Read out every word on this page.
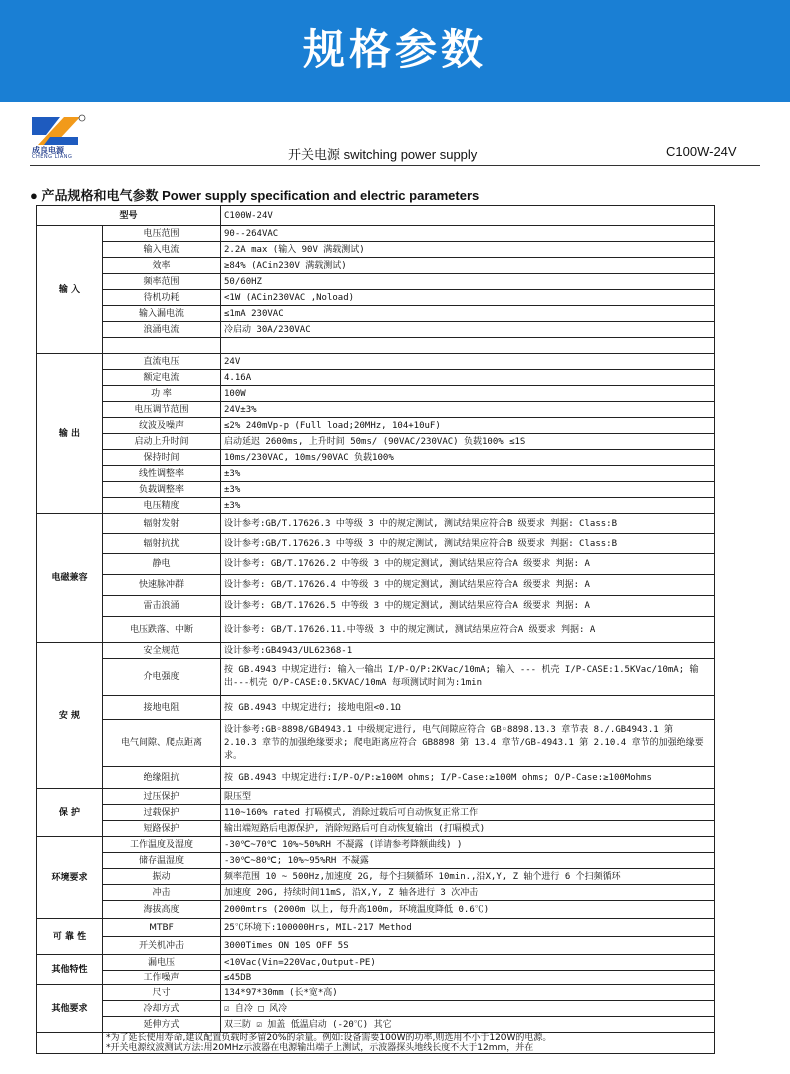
规格参数
成良电源
CHENG LIANG	开关电源 switching power supply	C100W-24V
● 产品规格和电气参数 Power supply specification and electric parameters
型号		C100W-24V
输 入	电压范围	90--264VAC
	输入电流	2.2A max (输入 90V 满载测试)
	效率	≥84% (ACin230V 满载测试)
	频率范围	50/60HZ
	待机功耗	<1W (ACin230VAC ,Noload)
	输入漏电流	≤1mA 230VAC
	浪涌电流	冷启动 30A/230VAC

输 出	直流电压	24V
	额定电流	4.16A
	功 率	100W
	电压调节范围	24V±3%
	纹波及噪声	≤2% 240mVp-p (Full load;20MHz, 104+10uF)
	启动上升时间	启动延迟 2600ms, 上升时间 50ms/ (90VAC/230VAC) 负载100% ≤1S
	保持时间	10ms/230VAC, 10ms/90VAC 负载100%
	线性调整率	±3%
	负载调整率	±3%
	电压精度	±3%
电磁兼容	辐射发射	设计参考:GB/T.17626.3 中等级 3 中的规定测试, 测试结果应符合B 级要求 判据: Class:B
	辐射抗扰	设计参考:GB/T.17626.3 中等级 3 中的规定测试, 测试结果应符合B 级要求 判据: Class:B
	静电	设计参考: GB/T.17626.2 中等级 3 中的规定测试, 测试结果应符合A 级要求 判据: A
	快速脉冲群	设计参考: GB/T.17626.4 中等级 3 中的规定测试, 测试结果应符合A 级要求 判据: A
	雷击浪涌	设计参考: GB/T.17626.5 中等级 3 中的规定测试, 测试结果应符合A 级要求 判据: A
	电压跌落、中断	设计参考: GB/T.17626.11.中等级 3 中的规定测试, 测试结果应符合A 级要求 判据: A
安 规	安全规范	设计参考:GB4943/UL62368-1
	介电强度	按 GB.4943 中规定进行: 输入一输出 I/P-O/P:2KVac/10mA; 输入 --- 机壳 I/P-CASE:1.5KVac/10mA; 输出---机壳 O/P-CASE:0.5KVAC/10mA 每项测试时间为:1min
	接地电阻	按 GB.4943 中规定进行; 接地电阻<0.1Ω
	电气间隙、爬点距离	设计参考:GB◦8898/GB4943.1 中级规定进行, 电气间隙应符合 GB◦8898.13.3 章节表 8./.GB4943.1 第 2.10.3 章节的加强绝缘要求; 爬电距离应符合 GB8898 第 13.4 章节/GB-4943.1 第 2.10.4 章节的加强绝缘要求。
	绝缘阻抗	按 GB.4943 中规定进行:I/P-O/P:≥100M ohms; I/P-Case:≥100M ohms; O/P-Case:≥100Mohms
保 护	过压保护	限压型
	过载保护	110~160% rated 打嗝模式, 消除过载后可自动恢复正常工作
	短路保护	输出端短路后电源保护, 消除短路后可自动恢复输出 (打嗝模式)
环境要求	工作温度及湿度	-30℃~70℃ 10%~50%RH 不凝露 (详请参考降额曲线) )
	储存温湿度	-30℃~80℃; 10%~95%RH 不凝露
	振动	频率范围 10 ~ 500Hz,加速度 2G, 每个扫频循环 10min.,沿X,Y, Z 轴个进行 6 个扫频循环
	冲击	加速度 20G, 持续时间11mS, 沿X,Y, Z 轴各进行 3 次冲击
	海拔高度	2000mtrs (2000m 以上, 每升高100m, 环境温度降低 0.6℃)
可 靠 性	MTBF	25℃环境下:100000Hrs, MIL-217 Method
	开关机冲击	3000Times ON 10S OFF 5S
其他特性	漏电压	<10Vac(Vin=220Vac,Output-PE)
	工作噪声	≤45DB
其他要求	尺寸	134*97*30mm (长*宽*高)
	冷却方式	☑ 自冷 □ 风冷
	延伸方式	双三防 ☑ 加盖 低温启动 (-20℃) 其它

	*为了延长使用寿命,建议配置负载时多留20%的余量。例如:设备需要100W的功率,则选用不小于120W的电源。
*开关电源纹波测试方法:用20MHz示波器在电源输出端子上测试，示波器探头地线长度不大于12mm，并在	
